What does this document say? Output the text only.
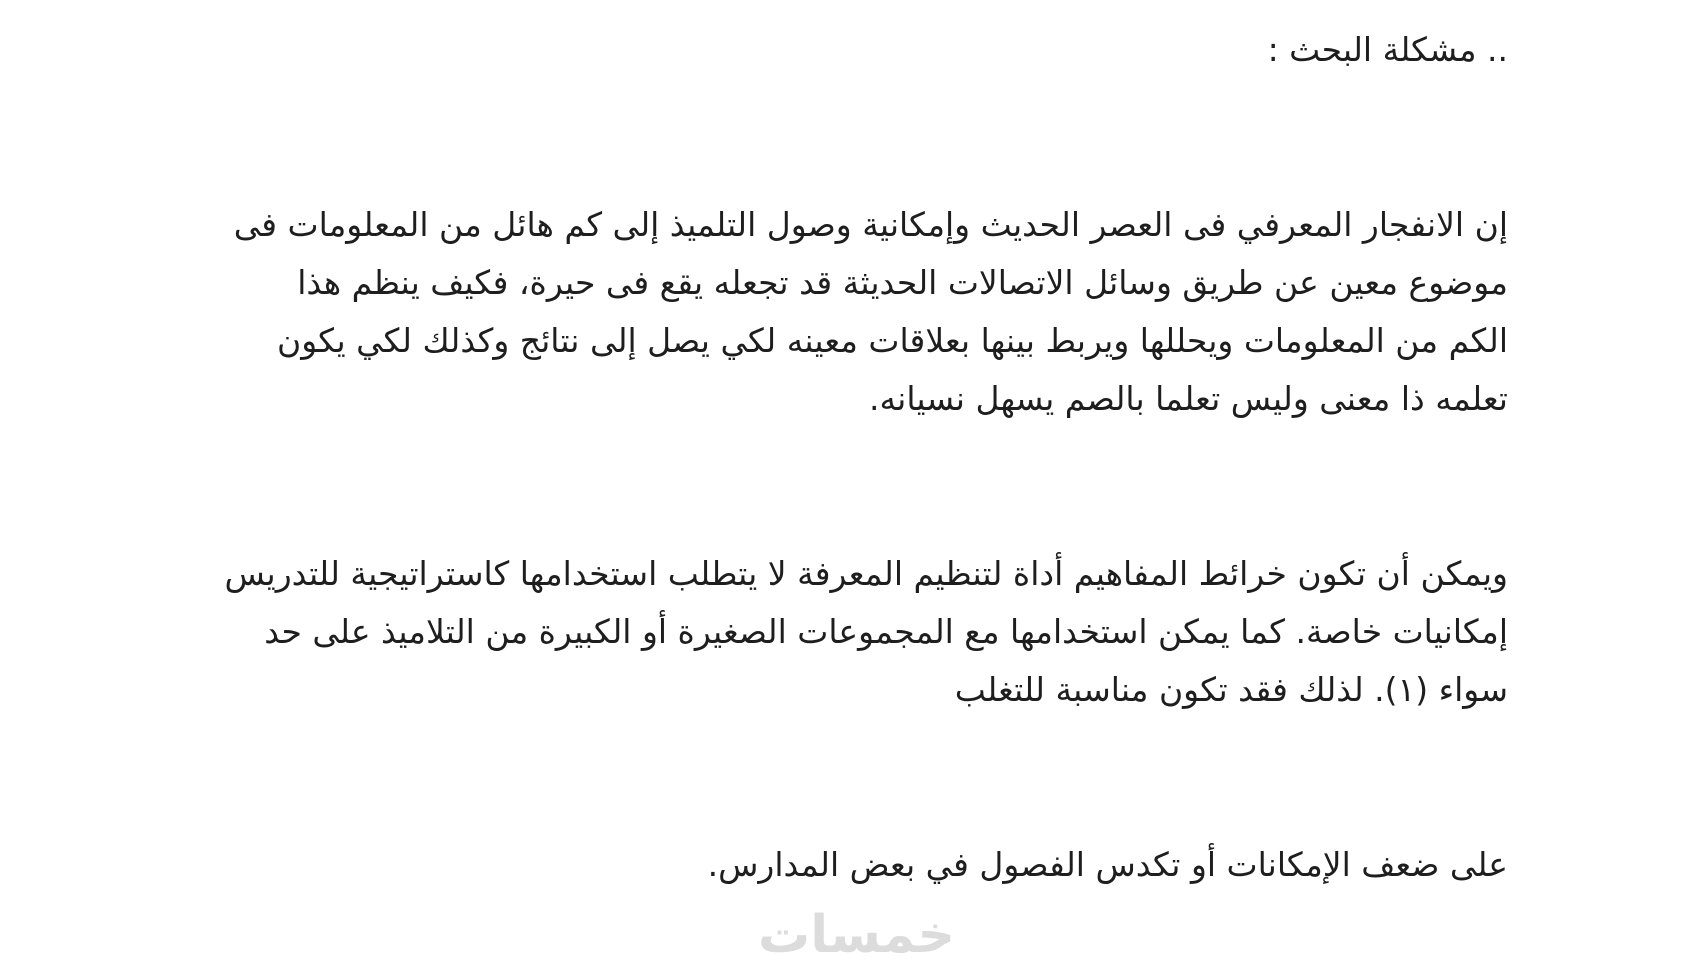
.. مشكلة البحث :
إن الانفجار المعرفي فى العصر الحديث وإمكانية وصول التلميذ إلى كم هائل من المعلومات فى
موضوع معين عن طريق وسائل الاتصالات الحديثة قد تجعله يقع فى حيرة، فكيف ينظم هذا
الكم من المعلومات ويحللها ويربط بينها بعلاقات معينه لكي يصل إلى نتائج وكذلك لكي يكون
تعلمه ذا معنى وليس تعلما بالصم يسهل نسيانه.
ويمكن أن تكون خرائط المفاهيم أداة لتنظيم المعرفة لا يتطلب استخدامها كاستراتيجية للتدريس
إمكانيات خاصة. كما يمكن استخدامها مع المجموعات الصغيرة أو الكبيرة من التلاميذ على حد
سواء (١). لذلك فقد تكون مناسبة للتغلب
على ضعف الإمكانات أو تكدس الفصول في بعض المدارس.
خمسات
